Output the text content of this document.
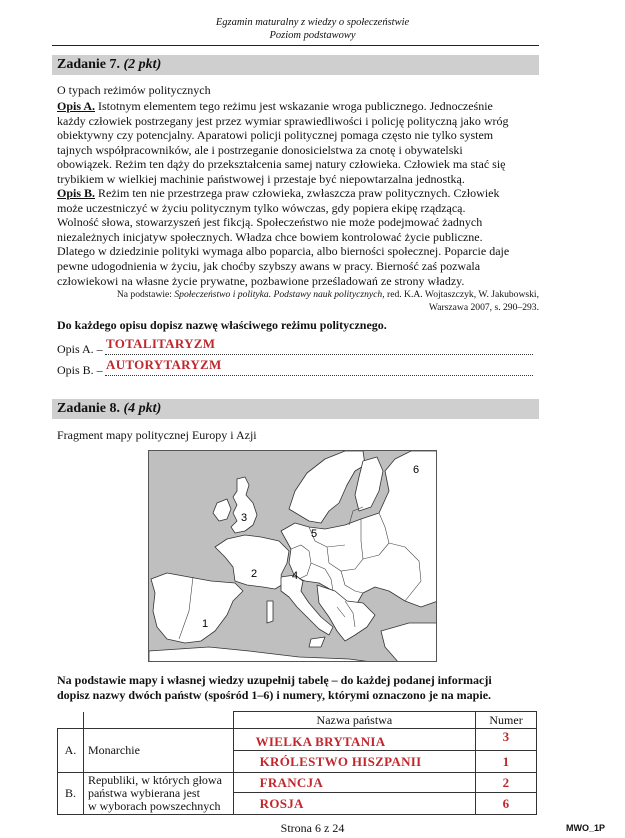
Egzamin maturalny z wiedzy o społeczeństwie
Poziom podstawowy
Zadanie 7. (2 pkt)
O typach reżimów politycznych
Opis A. Istotnym elementem tego reżimu jest wskazanie wroga publicznego. Jednocześnie
każdy człowiek postrzegany jest przez wymiar sprawiedliwości i policję polityczną jako wróg
obiektywny czy potencjalny. Aparatowi policji politycznej pomaga często nie tylko system
tajnych współpracowników, ale i postrzeganie donosicielstwa za cnotę i obywatelski
obowiązek. Reżim ten dąży do przekształcenia samej natury człowieka. Człowiek ma stać się
trybikiem w wielkiej machinie państwowej i przestaje być niepowtarzalna jednostką.
Opis B. Reżim ten nie przestrzega praw człowieka, zwłaszcza praw politycznych. Człowiek
może uczestniczyć w życiu politycznym tylko wówczas, gdy popiera ekipę rządzącą.
Wolność słowa, stowarzyszeń jest fikcją. Społeczeństwo nie może podejmować żadnych
niezależnych inicjatyw społecznych. Władza chce bowiem kontrolować życie publiczne.
Dlatego w dziedzinie polityki wymaga albo poparcia, albo bierności społecznej. Poparcie daje
pewne udogodnienia w życiu, jak choćby szybszy awans w pracy. Bierność zaś pozwala
człowiekowi na własne życie prywatne, pozbawione prześladowań ze strony władzy.
Na podstawie: Społeczeństwo i polityka. Podstawy nauk politycznych, red. K.A. Wojtaszczyk, W. Jakubowski,
Warszawa 2007, s. 290–293.
Do każdego opisu dopisz nazwę właściwego reżimu politycznego.
Opis A. – TOTALITARYZM
Opis B. – AUTORYTARYZM
Zadanie 8. (4 pkt)
Fragment mapy politycznej Europy i Azji
1
2
3
4
5
6
Na podstawie mapy i własnej wiedzy uzupełnij tabelę – do każdej podanej informacji
dopisz nazwy dwóch państw (spośród 1–6) i numery, którymi oznaczono je na mapie.
		Nazwa państwa	Numer
A.	Monarchie	WIELKA BRYTANIA	3
		KRÓLESTWO HISZPANII	1
B.	Republiki, w których głowa
państwa wybierana jest
w wyborach powszechnych	FRANCJA	2
		ROSJA	6
Strona 6 z 24	MWO_1P
